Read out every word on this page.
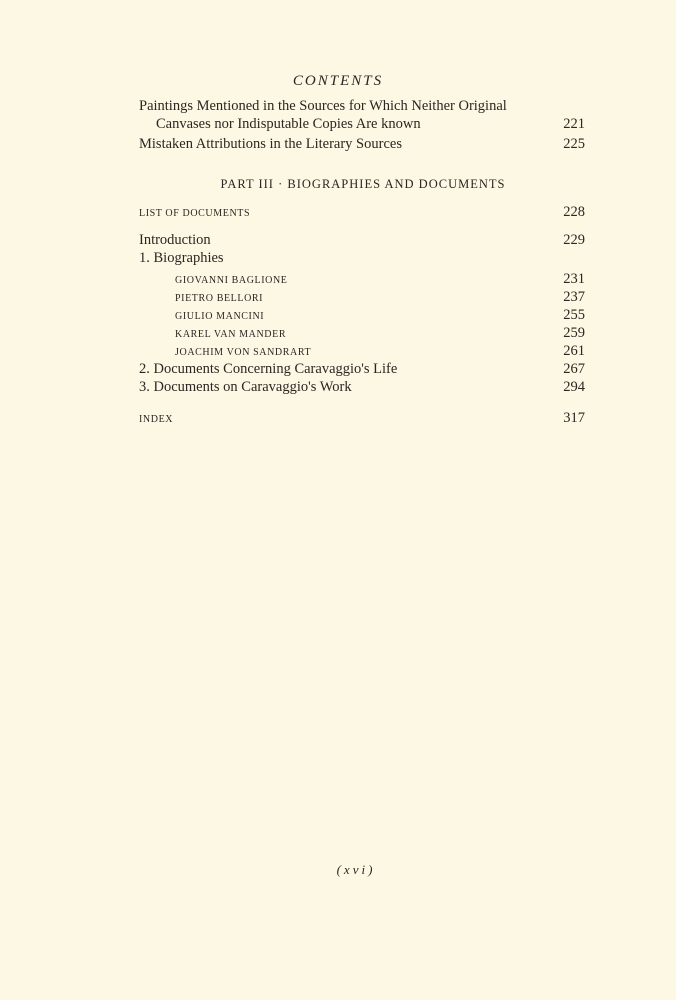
CONTENTS
Paintings Mentioned in the Sources for Which Neither Original
Canvases nor Indisputable Copies Are known	221
Mistaken Attributions in the Literary Sources	225
PART III · BIOGRAPHIES AND DOCUMENTS
LIST OF DOCUMENTS	228
Introduction	229
1. Biographies
GIOVANNI BAGLIONE	231
PIETRO BELLORI	237
GIULIO MANCINI	255
KAREL VAN MANDER	259
JOACHIM VON SANDRART	261
2. Documents Concerning Caravaggio's Life	267
3. Documents on Caravaggio's Work	294
INDEX	317
(xvi)
